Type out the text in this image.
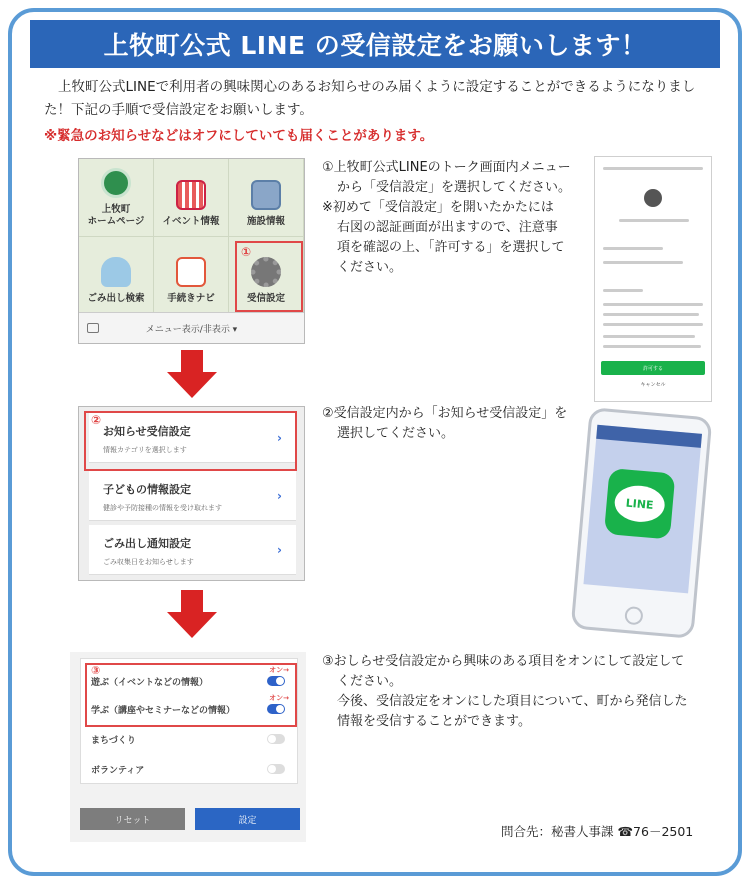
上牧町公式 LINE の受信設定をお願いします！

上牧町公式LINEで利用者の興味関心のあるお知らせのみ届くように設定することができるようになりました！下記の手順で受信設定をお願いします。

※緊急のお知らせなどはオフにしていても届くことがあります。

上牧町
ホームページ イベント情報	施設情報
ごみ出し検索 手続きナビ	受信設定
①
メニュー表示/非表示 ▾
①上牧町公式LINEのトーク画面内メニュー

から「受信設定」を選択してください。
※初めて「受信設定」を開いたかたには

右図の認証画面が出ますので、注意事
項を確認の上、「許可する」を選択して
ください。
許可する
キャンセル
お知らせ受信設定
情報カテゴリを選択します
›
子どもの情報設定
健診や予防接種の情報を受け取れます
›
ごみ出し通知設定
ごみ収集日をお知らせします
›
②	②受信設定内から「お知らせ受信設定」を

選択してください。
LINE
遊ぶ（イベントなどの情報）
オン→
学ぶ（講座やセミナーなどの情報）
オン→
まちづくり
ボランティア
③
リセット	設定
③おしらせ受信設定から興味のある項目をオンにして設定して

ください。
今後、受信設定をオンにした項目について、町から発信した
情報を受信することができます。
問合先：秘書人事課 ☎76－2501
